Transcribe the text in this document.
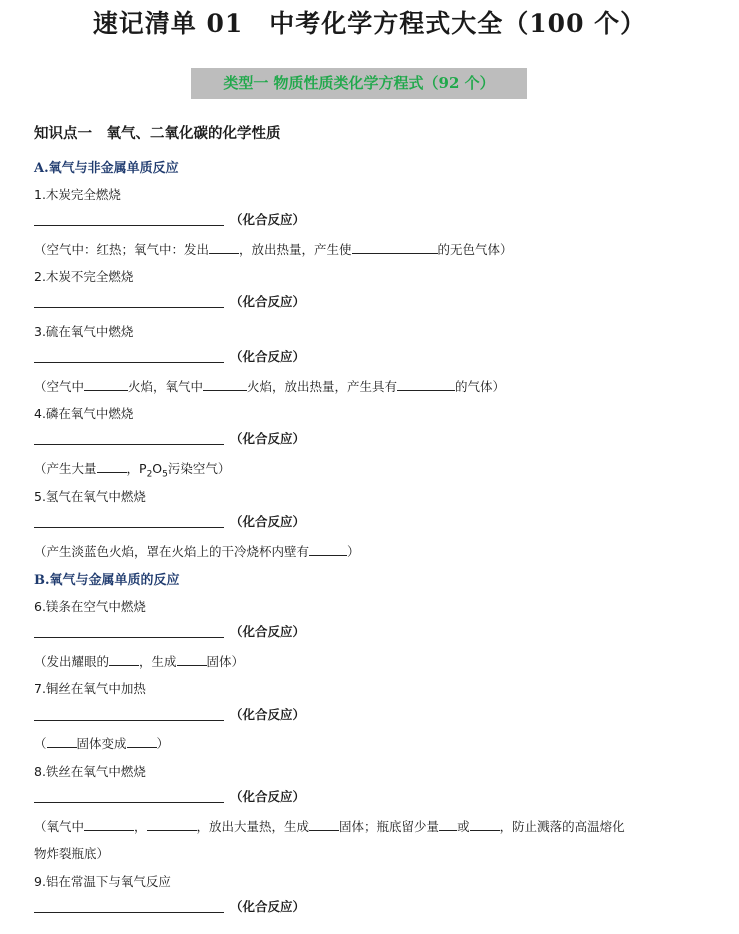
速记清单 01　中考化学方程式大全（100 个）
类型一 物质性质类化学方程式（92 个）
知识点一　氧气、二氧化碳的化学性质
A.氧气与非金属单质反应
1.木炭完全燃烧
（化合反应）
（空气中：红热；氧气中：发出 ，放出热量，产生使	的无色气体）
2.木炭不完全燃烧
（化合反应）
3.硫在氧气中燃烧
（化合反应）
（空气中	火焰，氧气中	火焰，放出热量，产生具有	的气体）
4.磷在氧气中燃烧
（化合反应）
（产生大量 ，$P_2O_5$污染空气）
5.氢气在氧气中燃烧
（化合反应）
（产生淡蓝色火焰，罩在火焰上的干冷烧杯内壁有	）
B.氧气与金属单质的反应
6.镁条在空气中燃烧
（化合反应）
（发出耀眼的 ，生成 固体）
7.铜丝在氧气中加热
（化合反应）
（ 固体变成 ）
8.铁丝在氧气中燃烧
（化合反应）
（氧气中	，	，放出大量热，生成 固体；瓶底留少量 或 ，防止溅落的高温熔化
物炸裂瓶底）
9.铝在常温下与氧气反应
（化合反应）
